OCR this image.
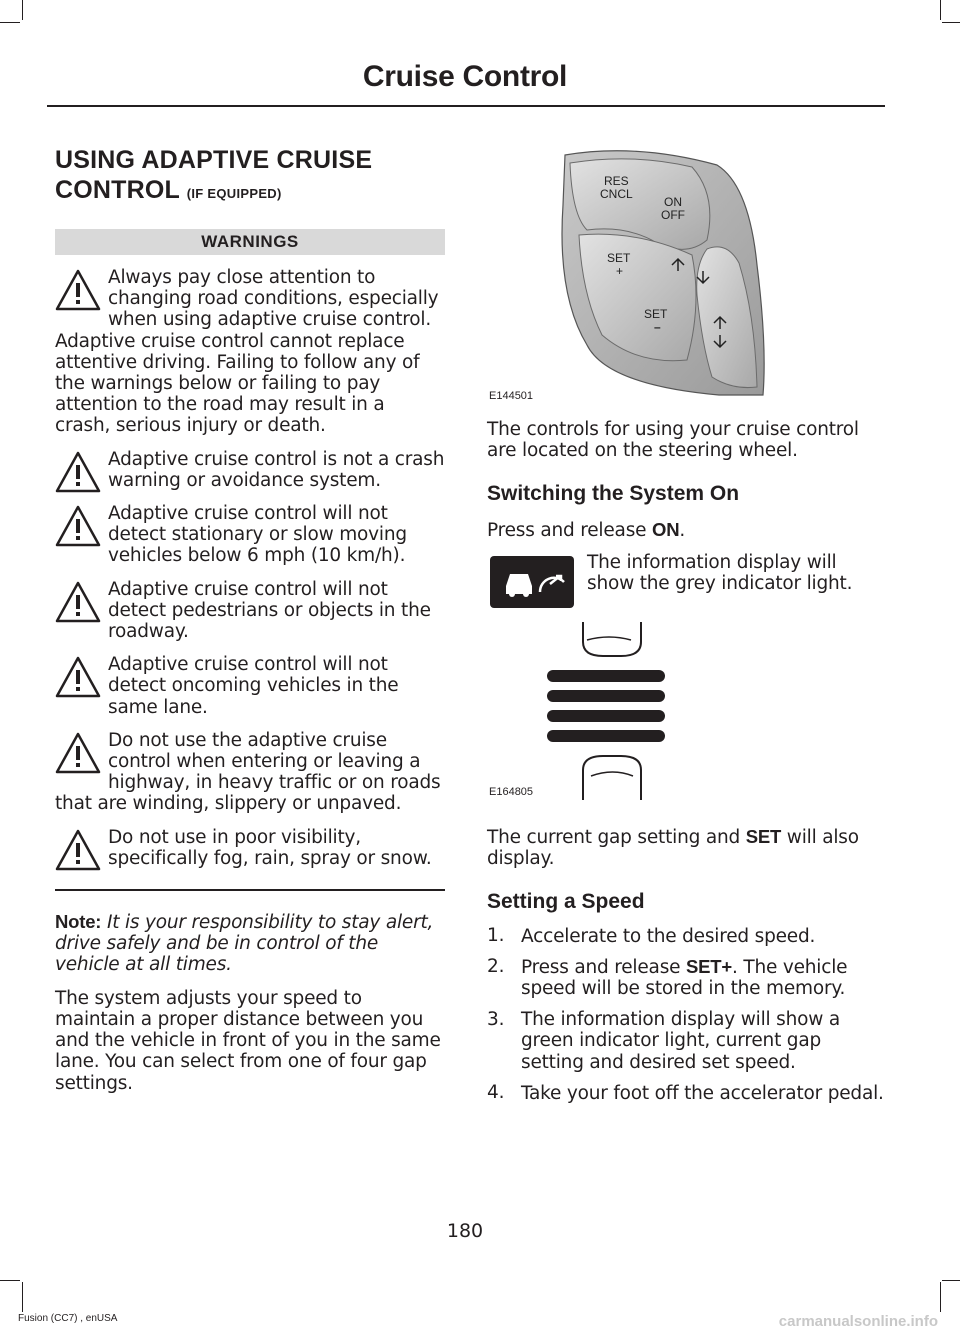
Cruise Control
USING ADAPTIVE CRUISE
CONTROL (IF EQUIPPED)
WARNINGS
Always pay close attention to changing road conditions, especially when using adaptive cruise control.
Adaptive cruise control cannot replace attentive driving. Failing to follow any of the warnings below or failing to pay attention to the road may result in a crash, serious injury or death.
Adaptive cruise control is not a crash warning or avoidance system.
Adaptive cruise control will not detect stationary or slow moving vehicles below 6 mph (10 km/h).
Adaptive cruise control will not detect pedestrians or objects in the roadway.
Adaptive cruise control will not detect oncoming vehicles in the same lane.
Do not use the adaptive cruise control when entering or leaving a highway, in heavy traffic or on roads
that are winding, slippery or unpaved.
Do not use in poor visibility, specifically fog, rain, spray or snow.
Note: It is your responsibility to stay alert, drive safely and be in control of the vehicle at all times.
The system adjusts your speed to maintain a proper distance between you and the vehicle in front of you in the same lane. You can select from one of four gap settings.
RES
CNCL
ON
OFF
SET
+
SET
–
E144501
The controls for using your cruise control are located on the steering wheel.
Switching the System On
Press and release ON.
The information display will show the grey indicator light.
E164805
The current gap setting and SET will also display.
Setting a Speed
1. Accelerate to the desired speed.
2. Press and release SET+. The vehicle speed will be stored in the memory.
3. The information display will show a green indicator light, current gap setting and desired set speed.
4. Take your foot off the accelerator pedal.
180
Fusion (CC7) , enUSA	carmanualsonline.info
